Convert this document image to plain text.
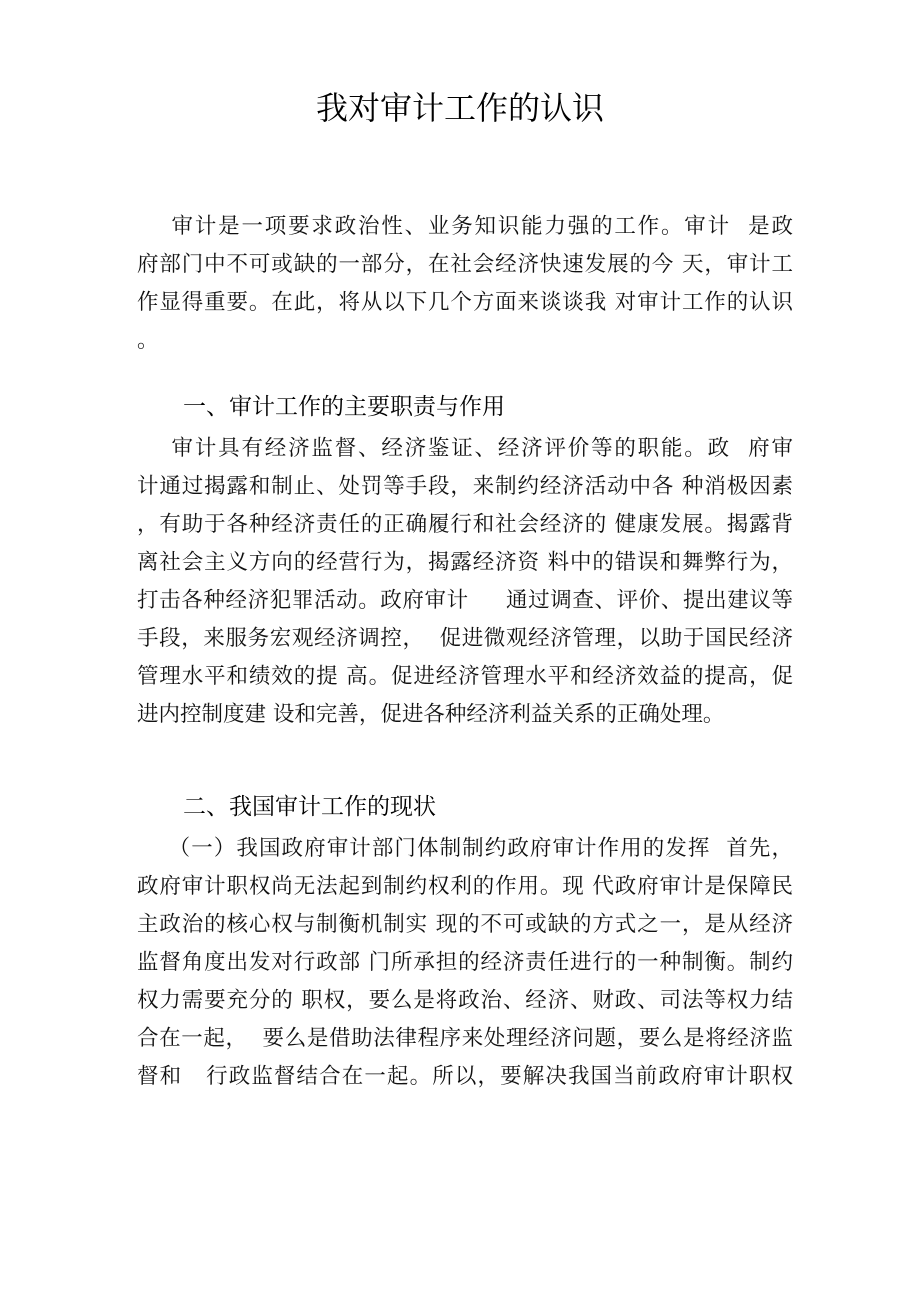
我对审计工作的认识
审计是一项要求政治性、业务知识能力强的工作。审计  是政
府部门中不可或缺的一部分，在社会经济快速发展的今 天，审计工
作显得重要。在此，将从以下几个方面来谈谈我 对审计工作的认识
。
一、审计工作的主要职责与作用
审计具有经济监督、经济鉴证、经济评价等的职能。政  府审
计通过揭露和制止、处罚等手段，来制约经济活动中各 种消极因素
，有助于各种经济责任的正确履行和社会经济的 健康发展。揭露背
离社会主义方向的经营行为，揭露经济资 料中的错误和舞弊行为，
打击各种经济犯罪活动。政府审计     通过调查、评价、提出建议等
手段，来服务宏观经济调控，  促进微观经济管理，以助于国民经济
管理水平和绩效的提 高。促进经济管理水平和经济效益的提高，促
进内控制度建 设和完善，促进各种经济利益关系的正确处理。
二、我国审计工作的现状
（一）我国政府审计部门体制制约政府审计作用的发挥  首先，
政府审计职权尚无法起到制约权利的作用。现 代政府审计是保障民
主政治的核心权与制衡机制实 现的不可或缺的方式之一，是从经济
监督角度出发对行政部 门所承担的经济责任进行的一种制衡。制约
权力需要充分的 职权，要么是将政治、经济、财政、司法等权力结
合在一起，  要么是借助法律程序来处理经济问题，要么是将经济监
督和   行政监督结合在一起。所以，要解决我国当前政府审计职权
